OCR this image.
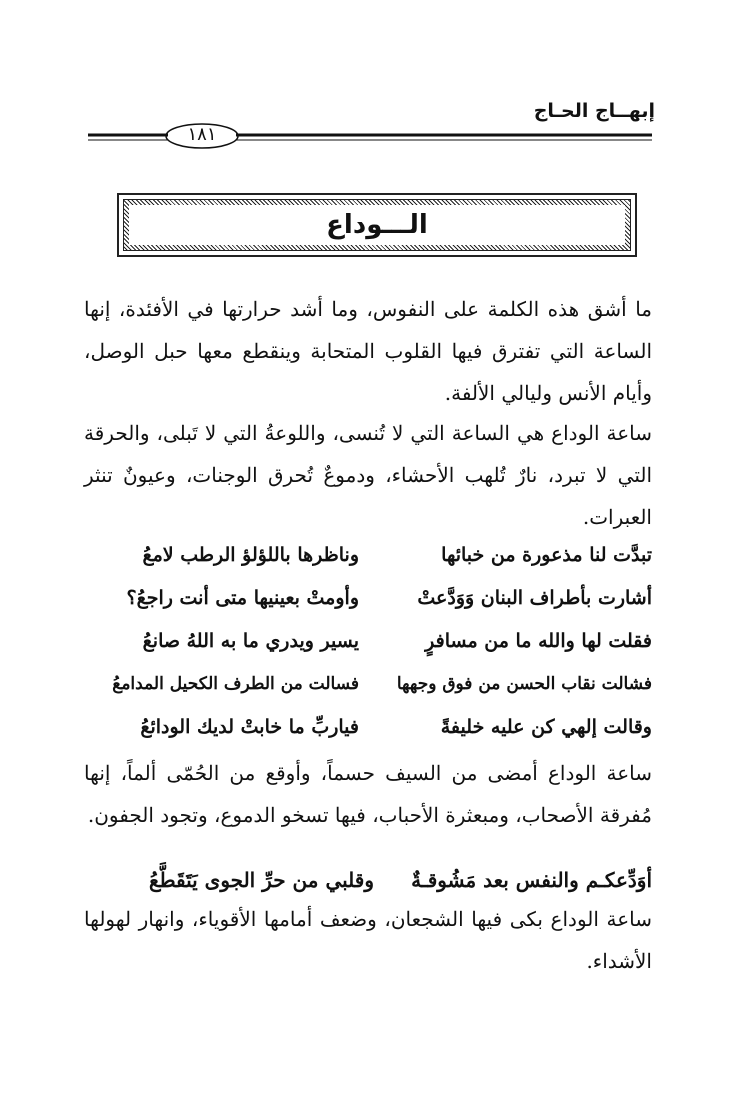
إبهــاج الحـاج
١٨١
الـــوداع

ما أشق هذه الكلمة على النفوس، وما أشد حرارتها في الأفئدة، إنها الساعة التي تفترق فيها القلوب المتحابة وينقطع معها حبل الوصل، وأيام الأنس وليالي الألفة.

ساعة الوداع هي الساعة التي لا تُنسى، واللوعةُ التي لا تَبلى، والحرقة التي لا تبرد، نارٌ تُلهب الأحشاء، ودموعٌ تُحرق الوجنات، وعيونٌ تنثر العبرات.

تبدَّت لنا مذعورة من خبائها
وناظرها باللؤلؤ الرطب لامعُ
أشارت بأطراف البنان وَوَدَّعتْ
وأومتْ بعينيها متى أنت راجعُ؟
فقلت لها والله ما من مسافرٍ
يسير ويدري ما به اللهُ صانعُ
فشالت نقاب الحسن من فوق وجهها
فسالت من الطرف الكحيل المدامعُ
وقالت إلهي كن عليه خليفةً
فياربِّ ما خابتْ لديك الودائعُ

ساعة الوداع أمضى من السيف حسماً، وأوقع من الحُمّى ألماً، إنها مُفرقة الأصحاب، ومبعثرة الأحباب، فيها تسخو الدموع، وتجود الجفون.

أوَدِّعكـم والنفس بعد مَشُوقـةٌ
وقلبي من حرِّ الجوى يَتَقَطَّعُ

ساعة الوداع بكى فيها الشجعان، وضعف أمامها الأقوياء، وانهار لهولها الأشداء.
